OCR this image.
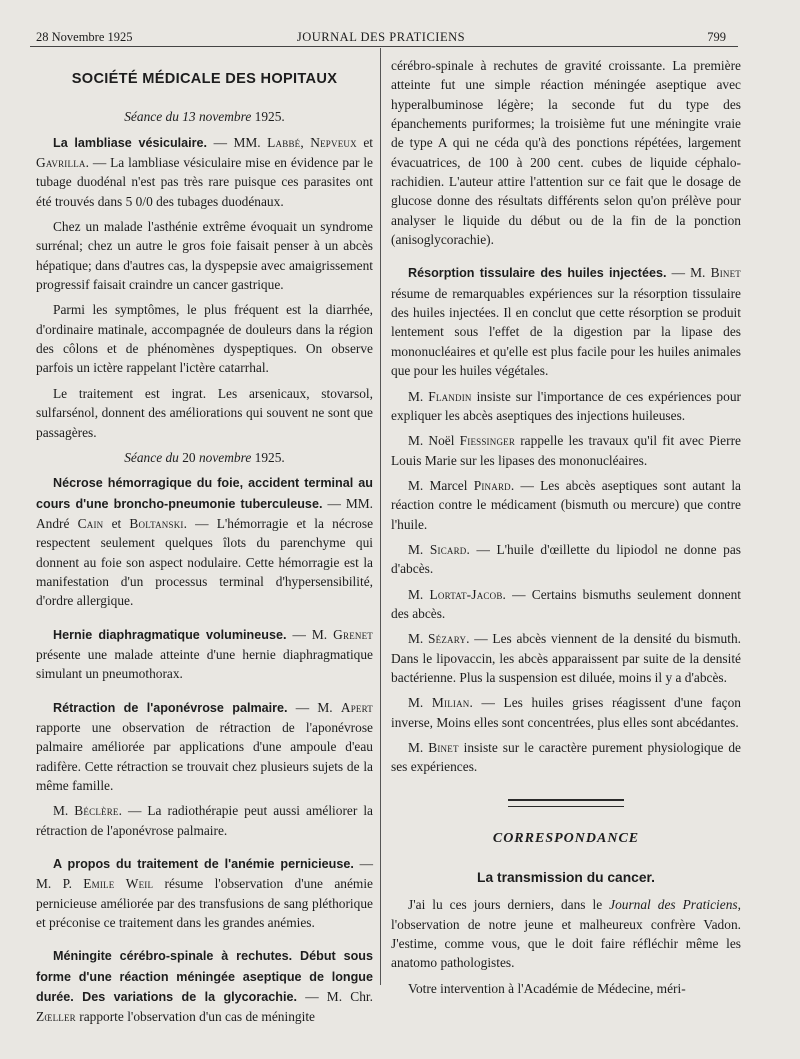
28 Novembre 1925	JOURNAL DES PRATICIENS	799
SOCIÉTÉ MÉDICALE DES HOPITAUX
Séance du 13 novembre 1925.

La lambliase vésiculaire. — MM. Labbé, Nepveux et Gavrilla. — La lambliase vésiculaire mise en évidence par le tubage duodénal n'est pas très rare puisque ces parasites ont été trouvés dans 5 0/0 des tubages duodénaux.

Chez un malade l'asthénie extrême évoquait un syndrome surrénal; chez un autre le gros foie faisait penser à un abcès hépatique; dans d'autres cas, la dyspepsie avec amaigrissement progressif faisait craindre un cancer gastrique.

Parmi les symptômes, le plus fréquent est la diarrhée, d'ordinaire matinale, accompagnée de douleurs dans la région des côlons et de phénomènes dyspeptiques. On observe parfois un ictère rappelant l'ictère catarrhal.

Le traitement est ingrat. Les arsenicaux, stovarsol, sulfarsénol, donnent des améliorations qui souvent ne sont que passagères.

Séance du 20 novembre 1925.

Nécrose hémorragique du foie, accident terminal au cours d'une broncho-pneumonie tuberculeuse. — MM. André Cain et Boltanski. — L'hémorragie et la nécrose respectent seulement quelques îlots du parenchyme qui donnent au foie son aspect nodulaire. Cette hémorragie est la manifestation d'un processus terminal d'hypersensibilité, d'ordre allergique.

Hernie diaphragmatique volumineuse. — M. Grenet présente une malade atteinte d'une hernie diaphragmatique simulant un pneumothorax.

Rétraction de l'aponévrose palmaire. — M. Apert rapporte une observation de rétraction de l'aponévrose palmaire améliorée par applications d'une ampoule d'eau radifère. Cette rétraction se trouvait chez plusieurs sujets de la même famille.

M. Béclère. — La radiothérapie peut aussi améliorer la rétraction de l'aponévrose palmaire.

A propos du traitement de l'anémie pernicieuse. — M. P. Emile Weil résume l'observation d'une anémie pernicieuse améliorée par des transfusions de sang pléthorique et préconise ce traitement dans les grandes anémies.

Méningite cérébro-spinale à rechutes. Début sous forme d'une réaction méningée aseptique de longue durée. Des variations de la glycorachie. — M. Chr. Zœller rapporte l'observation d'un cas de méningite

cérébro-spinale à rechutes de gravité croissante. La première atteinte fut une simple réaction méningée aseptique avec hyperalbuminose légère; la seconde fut du type des épanchements puriformes; la troisième fut une méningite vraie de type A qui ne céda qu'à des ponctions répétées, largement évacuatrices, de 100 à 200 cent. cubes de liquide céphalo-rachidien. L'auteur attire l'attention sur ce fait que le dosage de glucose donne des résultats différents selon qu'on prélève pour analyser le liquide du début ou de la fin de la ponction (anisoglycorachie).

Résorption tissulaire des huiles injectées. — M. Binet résume de remarquables expériences sur la résorption tissulaire des huiles injectées. Il en conclut que cette résorption se produit lentement sous l'effet de la digestion par la lipase des mononucléaires et qu'elle est plus facile pour les huiles animales que pour les huiles végétales.

M. Flandin insiste sur l'importance de ces expériences pour expliquer les abcès aseptiques des injections huileuses.

M. Noël Fiessinger rappelle les travaux qu'il fit avec Pierre Louis Marie sur les lipases des mononucléaires.

M. Marcel Pinard. — Les abcès aseptiques sont autant la réaction contre le médicament (bismuth ou mercure) que contre l'huile.

M. Sicard. — L'huile d'œillette du lipiodol ne donne pas d'abcès.

M. Lortat-Jacob. — Certains bismuths seulement donnent des abcès.

M. Sézary. — Les abcès viennent de la densité du bismuth. Dans le lipovaccin, les abcès apparaissent par suite de la densité bactérienne. Plus la suspension est diluée, moins il y a d'abcès.

M. Milian. — Les huiles grises réagissent d'une façon inverse, Moins elles sont concentrées, plus elles sont abcédantes.

M. Binet insiste sur le caractère purement physiologique de ses expériences.

CORRESPONDANCE
La transmission du cancer.

J'ai lu ces jours derniers, dans le Journal des Praticiens, l'observation de notre jeune et malheureux confrère Vadon. J'estime, comme vous, que le doit faire réfléchir même les anatomo pathologistes.

Votre intervention à l'Académie de Médecine, méri-
